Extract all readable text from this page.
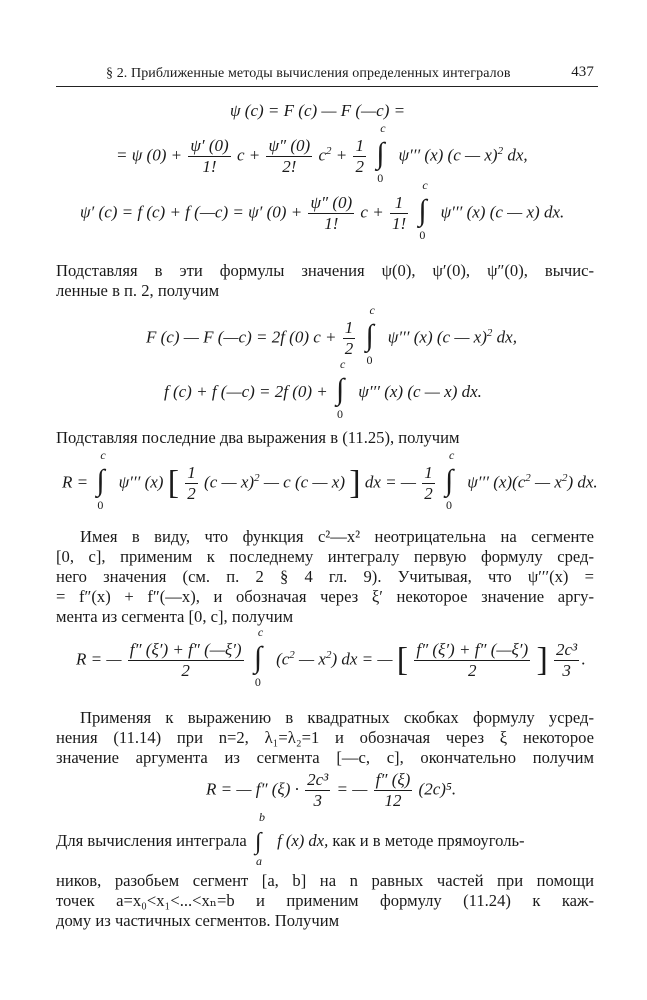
§ 2. Приближенные методы вычисления определенных интегралов	437
ψ (c) = F (c) — F (—c) =
= ψ $(0) + \frac{\psi' (0)}{1!}$ $c + \frac{\psi'' (0)}{2!} c^2 + \frac{1}{2}$
∫
c
0
ψ′′′ (x) (c — x)$^2$ dx,
ψ′ (c) = f (c) + f (—c) = ψ′ $(0) + \frac{\psi'' (0)}{1!}$ $c + \frac{1}{1!}$
∫
c
0
ψ′′′ (x) (c — x) dx.
Подставляя в эти формулы значения ψ(0), ψ′(0), ψ″(0), вычис-
ленные в п. 2, получим
F (c) — F (—c) = 2f (0) $c + \frac{1}{2}$
∫
c
0
ψ′′′ (x) (c — x)$^2$ dx,
f (c) + f (—c) = 2f (0) + ∫
c
0
ψ′′′ (x) (c — x) dx.
Подставляя последние два выражения в (11.25), получим
R = ∫
c
0
ψ′′′ (x) [ $\frac{1}{2} (c$ — x)$^2$ — c (c — x) ] dx = — $\frac{1}{2}$
∫
c
0
ψ′′′ $(x)(c^2$ — $x^2$) dx.
Имея в виду, что функция c²—x² неотрицательна на сегменте
[0, c], применим к последнему интегралу первую формулу сред-
него значения (см. п. 2 § 4 гл. 9). Учитывая, что ψ′′′(x) =
= f″(x) + f″(—x), и обозначая через ξ′ некоторое значение аргу-
мента из сегмента [0, c], получим
R = — $\frac{f'' (\xi') + f'' (—\xi')}{2}$
∫
c
0
($c^2$ — $x^2$) dx = — [ $\frac{f'' (\xi') + f'' (—\xi')}{2}$ ] $\frac{\text{2c³}}{3}$ .
Применяя к выражению в квадратных скобках формулу усред-
нения (11.14) при n=2, λ₁=λ₂=1 и обозначая через ξ некоторое
значение аргумента из сегмента [—c, c], окончательно получим
R = — f″ $(\xi) \cdot \frac{\text{2c³}}{3}$ = — $\frac{f'' (\xi)}{12} (2c)^5$.
Для вычисления интеграла ∫
b
a
f (x) dx, как и в методе прямоуголь-
ников, разобьем сегмент [a, b] на n равных частей при помощи
точек a=x₀<x₁<...<xₙ=b и применим формулу (11.24) к каж-
дому из частичных сегментов. Получим
